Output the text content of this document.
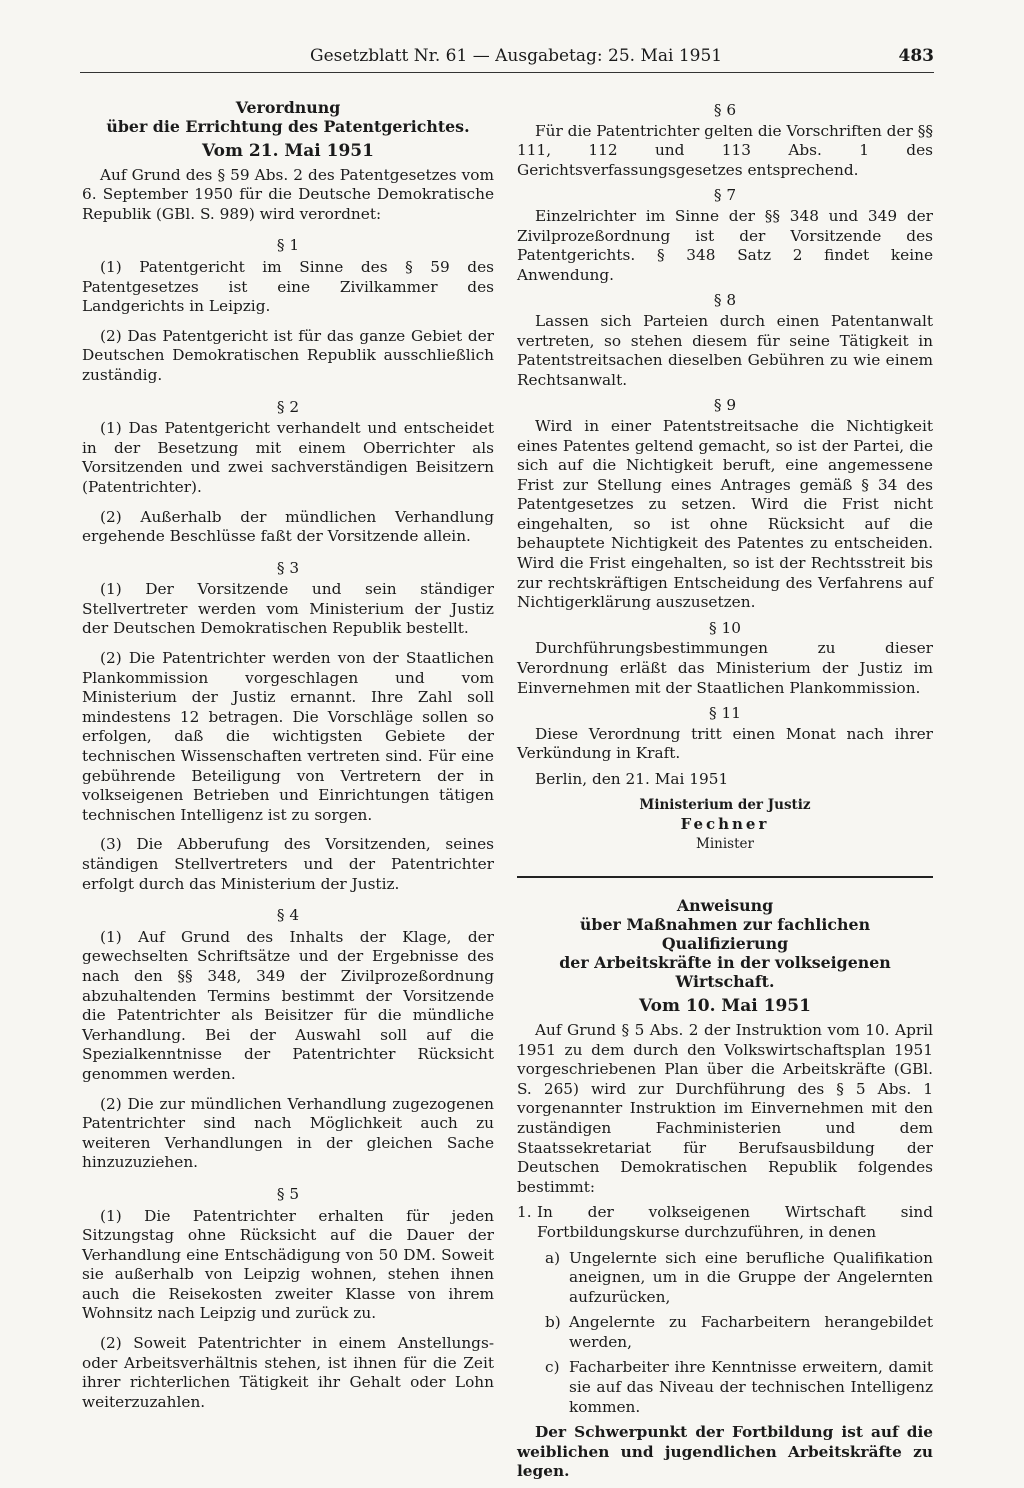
Gesetzblatt Nr. 61 — Ausgabetag: 25. Mai 1951	483
Verordnung
über die Errichtung des Patentgerichtes.
Vom 21. Mai 1951

Auf Grund des § 59 Abs. 2 des Patentgesetzes vom 6. September 1950 für die Deutsche Demokratische Republik (GBl. S. 989) wird verordnet:

§ 1

(1) Patentgericht im Sinne des § 59 des Patentgesetzes ist eine Zivilkammer des Landgerichts in Leipzig.

(2) Das Patentgericht ist für das ganze Gebiet der Deutschen Demokratischen Republik ausschließlich zuständig.

§ 2

(1) Das Patentgericht verhandelt und entscheidet in der Besetzung mit einem Oberrichter als Vorsitzenden und zwei sachverständigen Beisitzern (Patentrichter).

(2) Außerhalb der mündlichen Verhandlung ergehende Beschlüsse faßt der Vorsitzende allein.

§ 3

(1) Der Vorsitzende und sein ständiger Stellvertreter werden vom Ministerium der Justiz der Deutschen Demokratischen Republik bestellt.

(2) Die Patentrichter werden von der Staatlichen Plankommission vorgeschlagen und vom Ministerium der Justiz ernannt. Ihre Zahl soll mindestens 12 betragen. Die Vorschläge sollen so erfolgen, daß die wichtigsten Gebiete der technischen Wissenschaften vertreten sind. Für eine gebührende Beteiligung von Vertretern der in volkseigenen Betrieben und Einrichtungen tätigen technischen Intelligenz ist zu sorgen.

(3) Die Abberufung des Vorsitzenden, seines ständigen Stellvertreters und der Patentrichter erfolgt durch das Ministerium der Justiz.

§ 4

(1) Auf Grund des Inhalts der Klage, der gewechselten Schriftsätze und der Ergebnisse des nach den §§ 348, 349 der Zivilprozeßordnung abzuhaltenden Termins bestimmt der Vorsitzende die Patentrichter als Beisitzer für die mündliche Verhandlung. Bei der Auswahl soll auf die Spezialkenntnisse der Patentrichter Rücksicht genommen werden.

(2) Die zur mündlichen Verhandlung zugezogenen Patentrichter sind nach Möglichkeit auch zu weiteren Verhandlungen in der gleichen Sache hinzuzuziehen.

§ 5

(1) Die Patentrichter erhalten für jeden Sitzungstag ohne Rücksicht auf die Dauer der Verhandlung eine Entschädigung von 50 DM. Soweit sie außerhalb von Leipzig wohnen, stehen ihnen auch die Reisekosten zweiter Klasse von ihrem Wohnsitz nach Leipzig und zurück zu.

(2) Soweit Patentrichter in einem Anstellungs- oder Arbeitsverhältnis stehen, ist ihnen für die Zeit ihrer richterlichen Tätigkeit ihr Gehalt oder Lohn weiterzuzahlen.

§ 6

Für die Patentrichter gelten die Vorschriften der §§ 111, 112 und 113 Abs. 1 des Gerichtsverfassungsgesetzes entsprechend.

§ 7

Einzelrichter im Sinne der §§ 348 und 349 der Zivilprozeßordnung ist der Vorsitzende des Patentgerichts. § 348 Satz 2 findet keine Anwendung.

§ 8

Lassen sich Parteien durch einen Patentanwalt vertreten, so stehen diesem für seine Tätigkeit in Patentstreitsachen dieselben Gebühren zu wie einem Rechtsanwalt.

§ 9

Wird in einer Patentstreitsache die Nichtigkeit eines Patentes geltend gemacht, so ist der Partei, die sich auf die Nichtigkeit beruft, eine angemessene Frist zur Stellung eines Antrages gemäß § 34 des Patentgesetzes zu setzen. Wird die Frist nicht eingehalten, so ist ohne Rücksicht auf die behauptete Nichtigkeit des Patentes zu entscheiden. Wird die Frist eingehalten, so ist der Rechtsstreit bis zur rechtskräftigen Entscheidung des Verfahrens auf Nichtigerklärung auszusetzen.

§ 10

Durchführungsbestimmungen zu dieser Verordnung erläßt das Ministerium der Justiz im Einvernehmen mit der Staatlichen Plankommission.

§ 11

Diese Verordnung tritt einen Monat nach ihrer Verkündung in Kraft.

Berlin, den 21. Mai 1951

Ministerium der Justiz
Fechner
Minister
Anweisung
über Maßnahmen zur fachlichen Qualifizierung
der Arbeitskräfte in der volkseigenen Wirtschaft.
Vom 10. Mai 1951

Auf Grund § 5 Abs. 2 der Instruktion vom 10. April 1951 zu dem durch den Volkswirtschaftsplan 1951 vorgeschriebenen Plan über die Arbeitskräfte (GBl. S. 265) wird zur Durchführung des § 5 Abs. 1 vorgenannter Instruktion im Einvernehmen mit den zuständigen Fachministerien und dem Staatssekretariat für Berufsausbildung der Deutschen Demokratischen Republik folgendes bestimmt:

1. In der volkseigenen Wirtschaft sind Fortbildungskurse durchzuführen, in denen
a) Ungelernte sich eine berufliche Qualifikation aneignen, um in die Gruppe der Angelernten aufzurücken,
b) Angelernte zu Facharbeitern herangebildet werden,
c) Facharbeiter ihre Kenntnisse erweitern, damit sie auf das Niveau der technischen Intelligenz kommen.

Der Schwerpunkt der Fortbildung ist auf die weiblichen und jugendlichen Arbeitskräfte zu legen.
